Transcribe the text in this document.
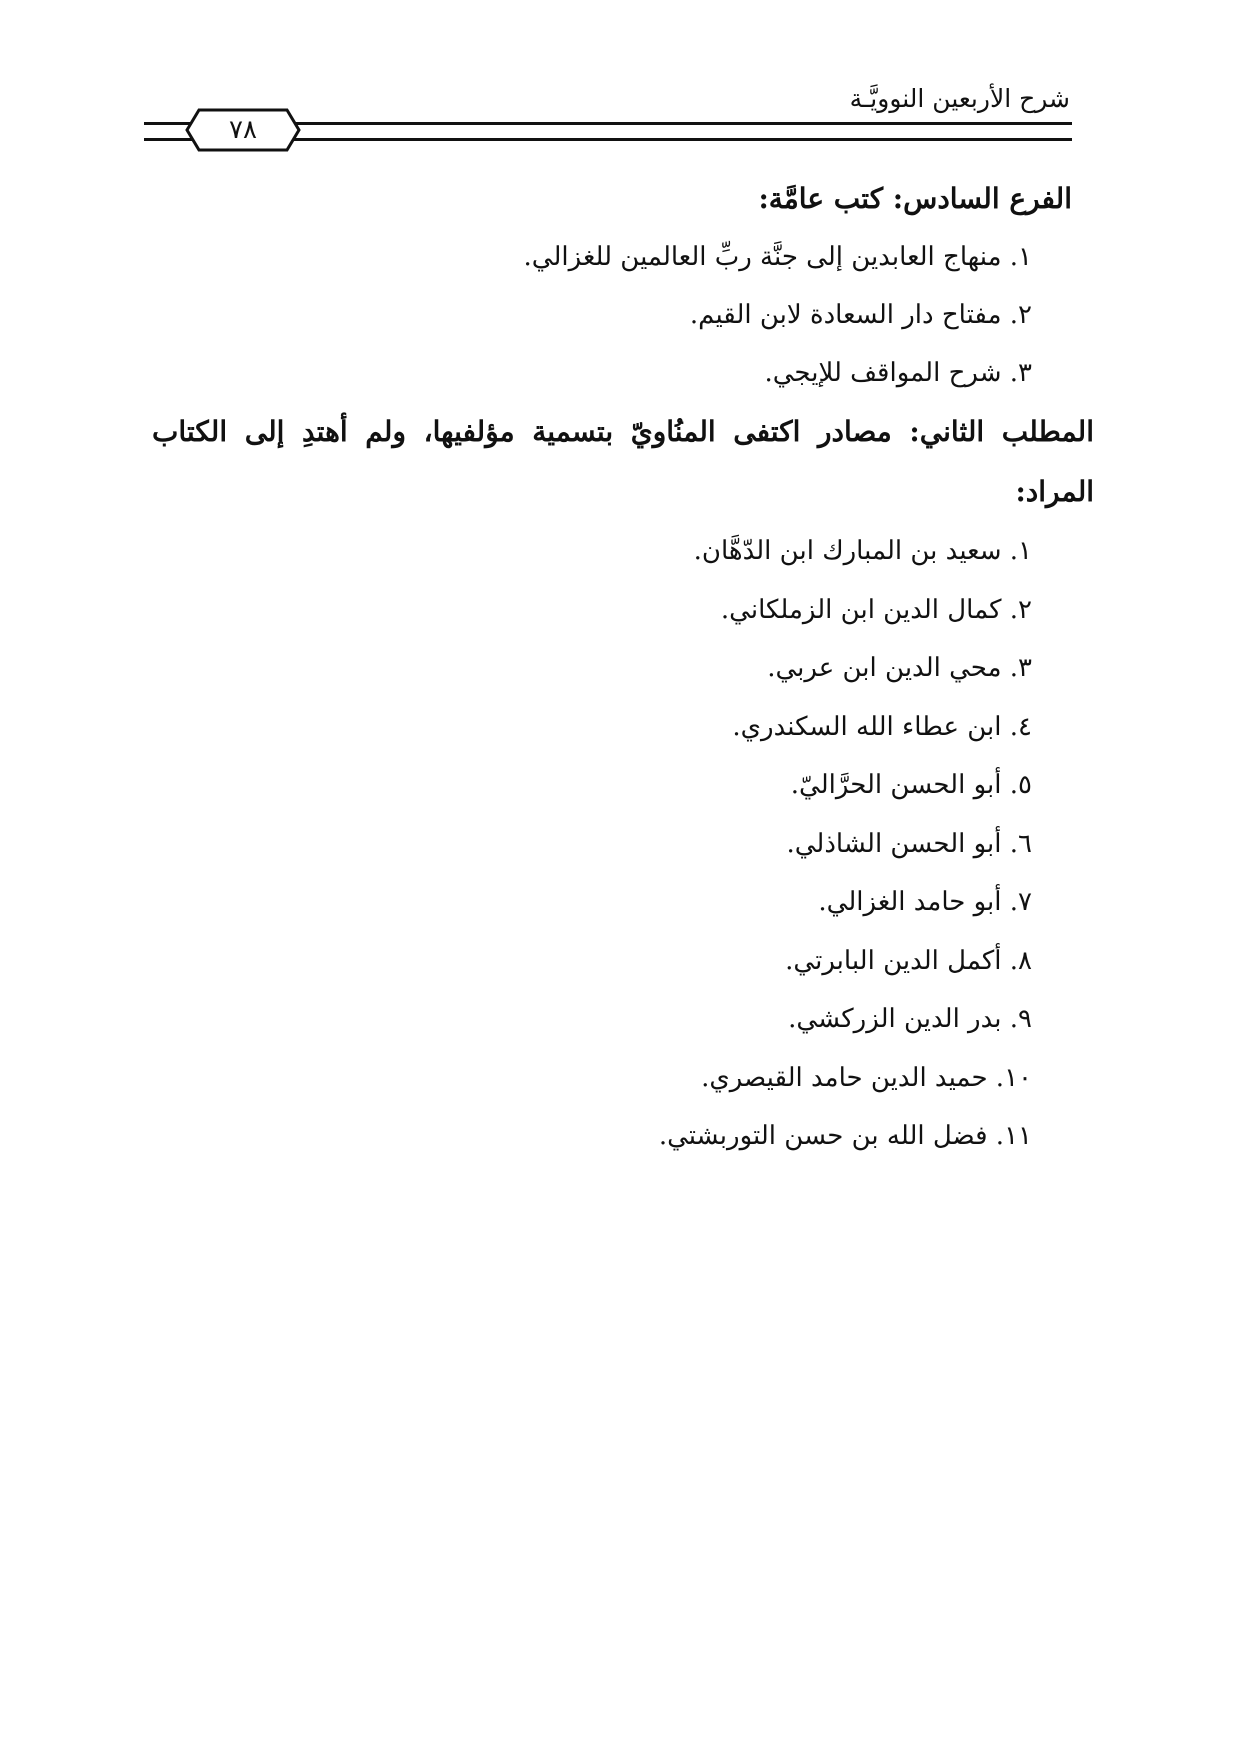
شرح الأربعين النوويَّـة
٧٨
الفرع السادس: كتب عامَّة:
١. منهاج العابدين إلى جنَّة ربِّ العالمين للغزالي.
٢. مفتاح دار السعادة لابن القيم.
٣. شرح المواقف للإيجي.
المطلب الثاني: مصادر اكتفى المنُاويّ بتسمية مؤلفيها، ولم أهتدِ إلى الكتاب
المراد:
١. سعيد بن المبارك ابن الدّهَّان.
٢. كمال الدين ابن الزملكاني.
٣. محي الدين ابن عربي.
٤. ابن عطاء الله السكندري.
٥. أبو الحسن الحرَّاليّ.
٦. أبو الحسن الشاذلي.
٧. أبو حامد الغزالي.
٨. أكمل الدين البابرتي.
٩. بدر الدين الزركشي.
١٠. حميد الدين حامد القيصري.
١١. فضل الله بن حسن التوربشتي.
